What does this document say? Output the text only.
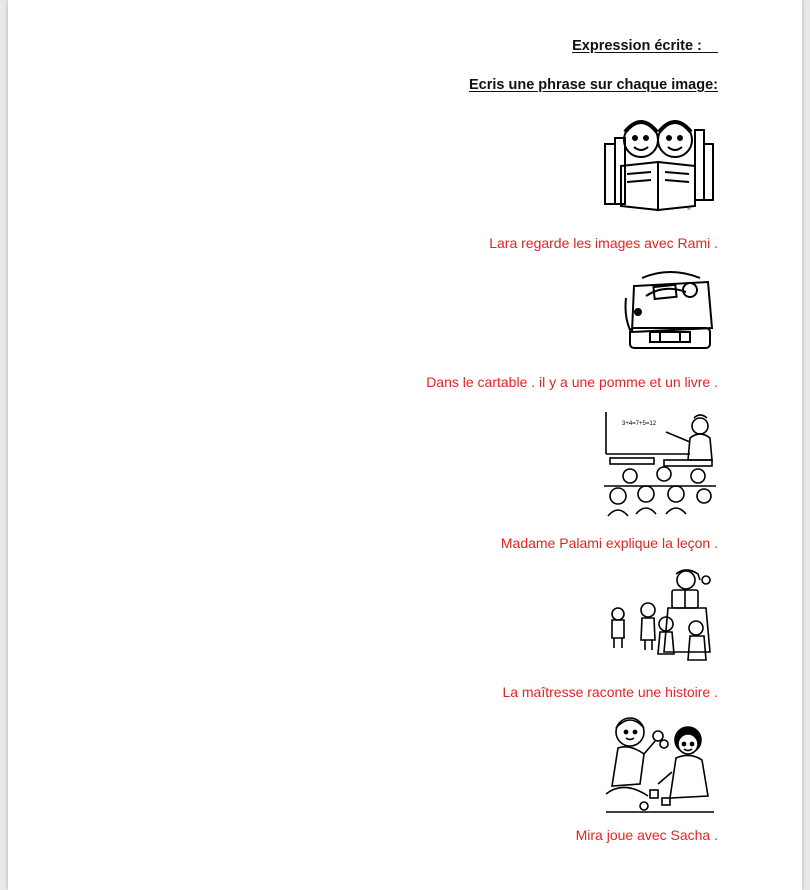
Expression écrite :
Ecris une phrase sur chaque image:
©
Lara regarde les images avec Rami .
Dans le cartable . il y a une pomme et un livre .
3+4=7+5=12
Madame Palami explique la leçon .
La maîtresse raconte une histoire .
Mira joue avec Sacha .
